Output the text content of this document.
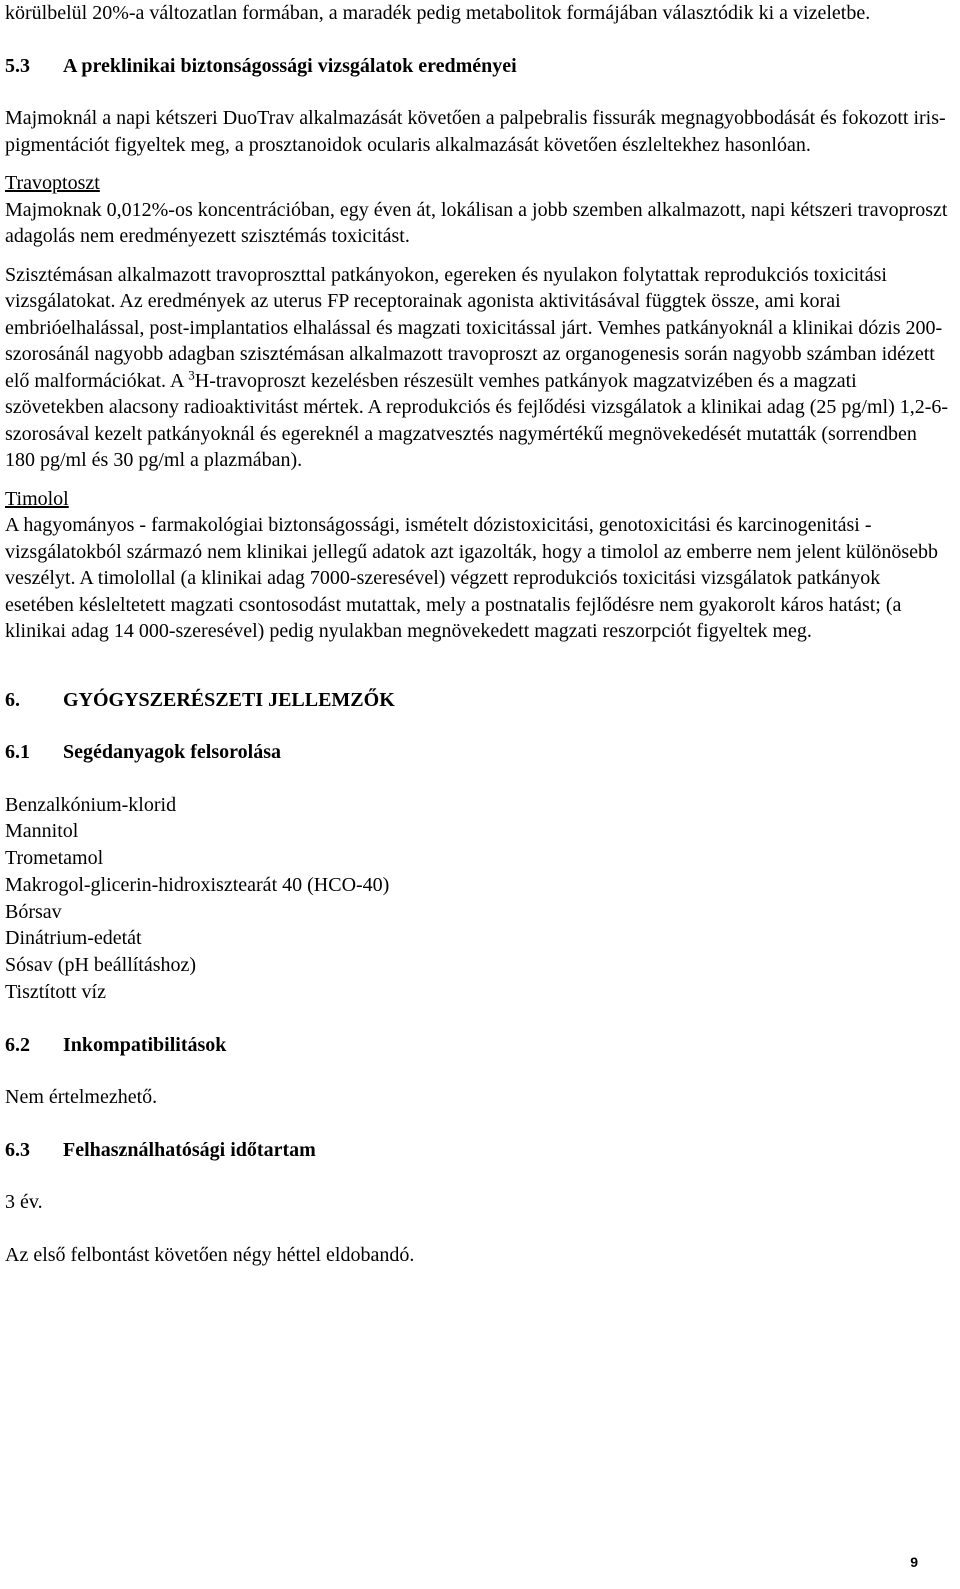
körülbelül 20%-a változatlan formában, a maradék pedig metabolitok formájában választódik ki a vizeletbe.

5.3	A preklinikai biztonságossági vizsgálatok eredményei

Majmoknál a napi kétszeri DuoTrav alkalmazását követően a palpebralis fissurák megnagyobbodását és fokozott iris-pigmentációt figyeltek meg, a prosztanoidok ocularis alkalmazását követően észleltekhez hasonlóan.

Travoptoszt

Majmoknak 0,012%-os koncentrációban, egy éven át, lokálisan a jobb szemben alkalmazott, napi kétszeri travoproszt adagolás nem eredményezett szisztémás toxicitást.

Szisztémásan alkalmazott travoproszttal patkányokon, egereken és nyulakon folytattak reprodukciós toxicitási vizsgálatokat. Az eredmények az uterus FP receptorainak agonista aktivitásával függtek össze, ami korai embrióelhalással, post-implantatios elhalással és magzati toxicitással járt. Vemhes patkányoknál a klinikai dózis 200-szorosánál nagyobb adagban szisztémásan alkalmazott travoproszt az organogenesis során nagyobb számban idézett elő malformációkat. A $^3$H-travoproszt kezelésben részesült vemhes patkányok magzatvizében és a magzati szövetekben alacsony radioaktivitást mértek. A reprodukciós és fejlődési vizsgálatok a klinikai adag (25 pg/ml) 1,2-6-szorosával kezelt patkányoknál és egereknél a magzatvesztés nagymértékű megnövekedését mutatták (sorrendben 180 pg/ml és 30 pg/ml a plazmában).

Timolol

A hagyományos - farmakológiai biztonságossági, ismételt dózistoxicitási, genotoxicitási és karcinogenitási - vizsgálatokból származó nem klinikai jellegű adatok azt igazolták, hogy a timolol az emberre nem jelent különösebb veszélyt. A timolollal (a klinikai adag 7000-szeresével) végzett reprodukciós toxicitási vizsgálatok patkányok esetében késleltetett magzati csontosodást mutattak, mely a postnatalis fejlődésre nem gyakorolt káros hatást; (a klinikai adag 14 000-szeresével) pedig nyulakban megnövekedett magzati reszorpciót figyeltek meg.

6.	GYÓGYSZERÉSZETI JELLEMZŐK
6.1	Segédanyagok felsorolása

Benzalkónium-klorid

Mannitol

Trometamol

Makrogol-glicerin-hidroxisztearát 40 (HCO-40)

Bórsav

Dinátrium-edetát

Sósav (pH beállításhoz)

Tisztított víz

6.2	Inkompatibilitások

Nem értelmezhető.

6.3	Felhasználhatósági időtartam

3 év.

Az első felbontást követően négy héttel eldobandó.

9
